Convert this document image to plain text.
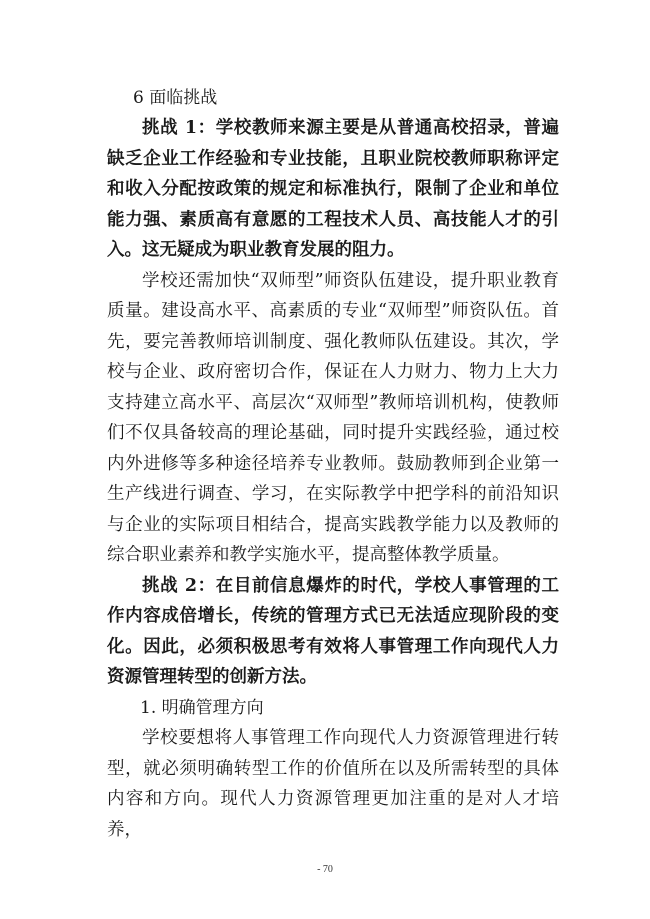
6 面临挑战

挑战 1：学校教师来源主要是从普通高校招录，普遍缺乏企业工作经验和专业技能，且职业院校教师职称评定和收入分配按政策的规定和标准执行，限制了企业和单位能力强、素质高有意愿的工程技术人员、高技能人才的引入。这无疑成为职业教育发展的阻力。

学校还需加快“双师型”师资队伍建设，提升职业教育质量。建设高水平、高素质的专业“双师型”师资队伍。首先，要完善教师培训制度、强化教师队伍建设。其次，学校与企业、政府密切合作，保证在人力财力、物力上大力支持建立高水平、高层次“双师型”教师培训机构，使教师们不仅具备较高的理论基础，同时提升实践经验，通过校内外进修等多种途径培养专业教师。鼓励教师到企业第一生产线进行调查、学习，在实际教学中把学科的前沿知识与企业的实际项目相结合，提高实践教学能力以及教师的综合职业素养和教学实施水平，提高整体教学质量。

挑战 2：在目前信息爆炸的时代，学校人事管理的工作内容成倍增长，传统的管理方式已无法适应现阶段的变化。因此，必须积极思考有效将人事管理工作向现代人力资源管理转型的创新方法。

1. 明确管理方向

学校要想将人事管理工作向现代人力资源管理进行转型，就必须明确转型工作的价值所在以及所需转型的具体内容和方向。现代人力资源管理更加注重的是对人才培养，

- 70
